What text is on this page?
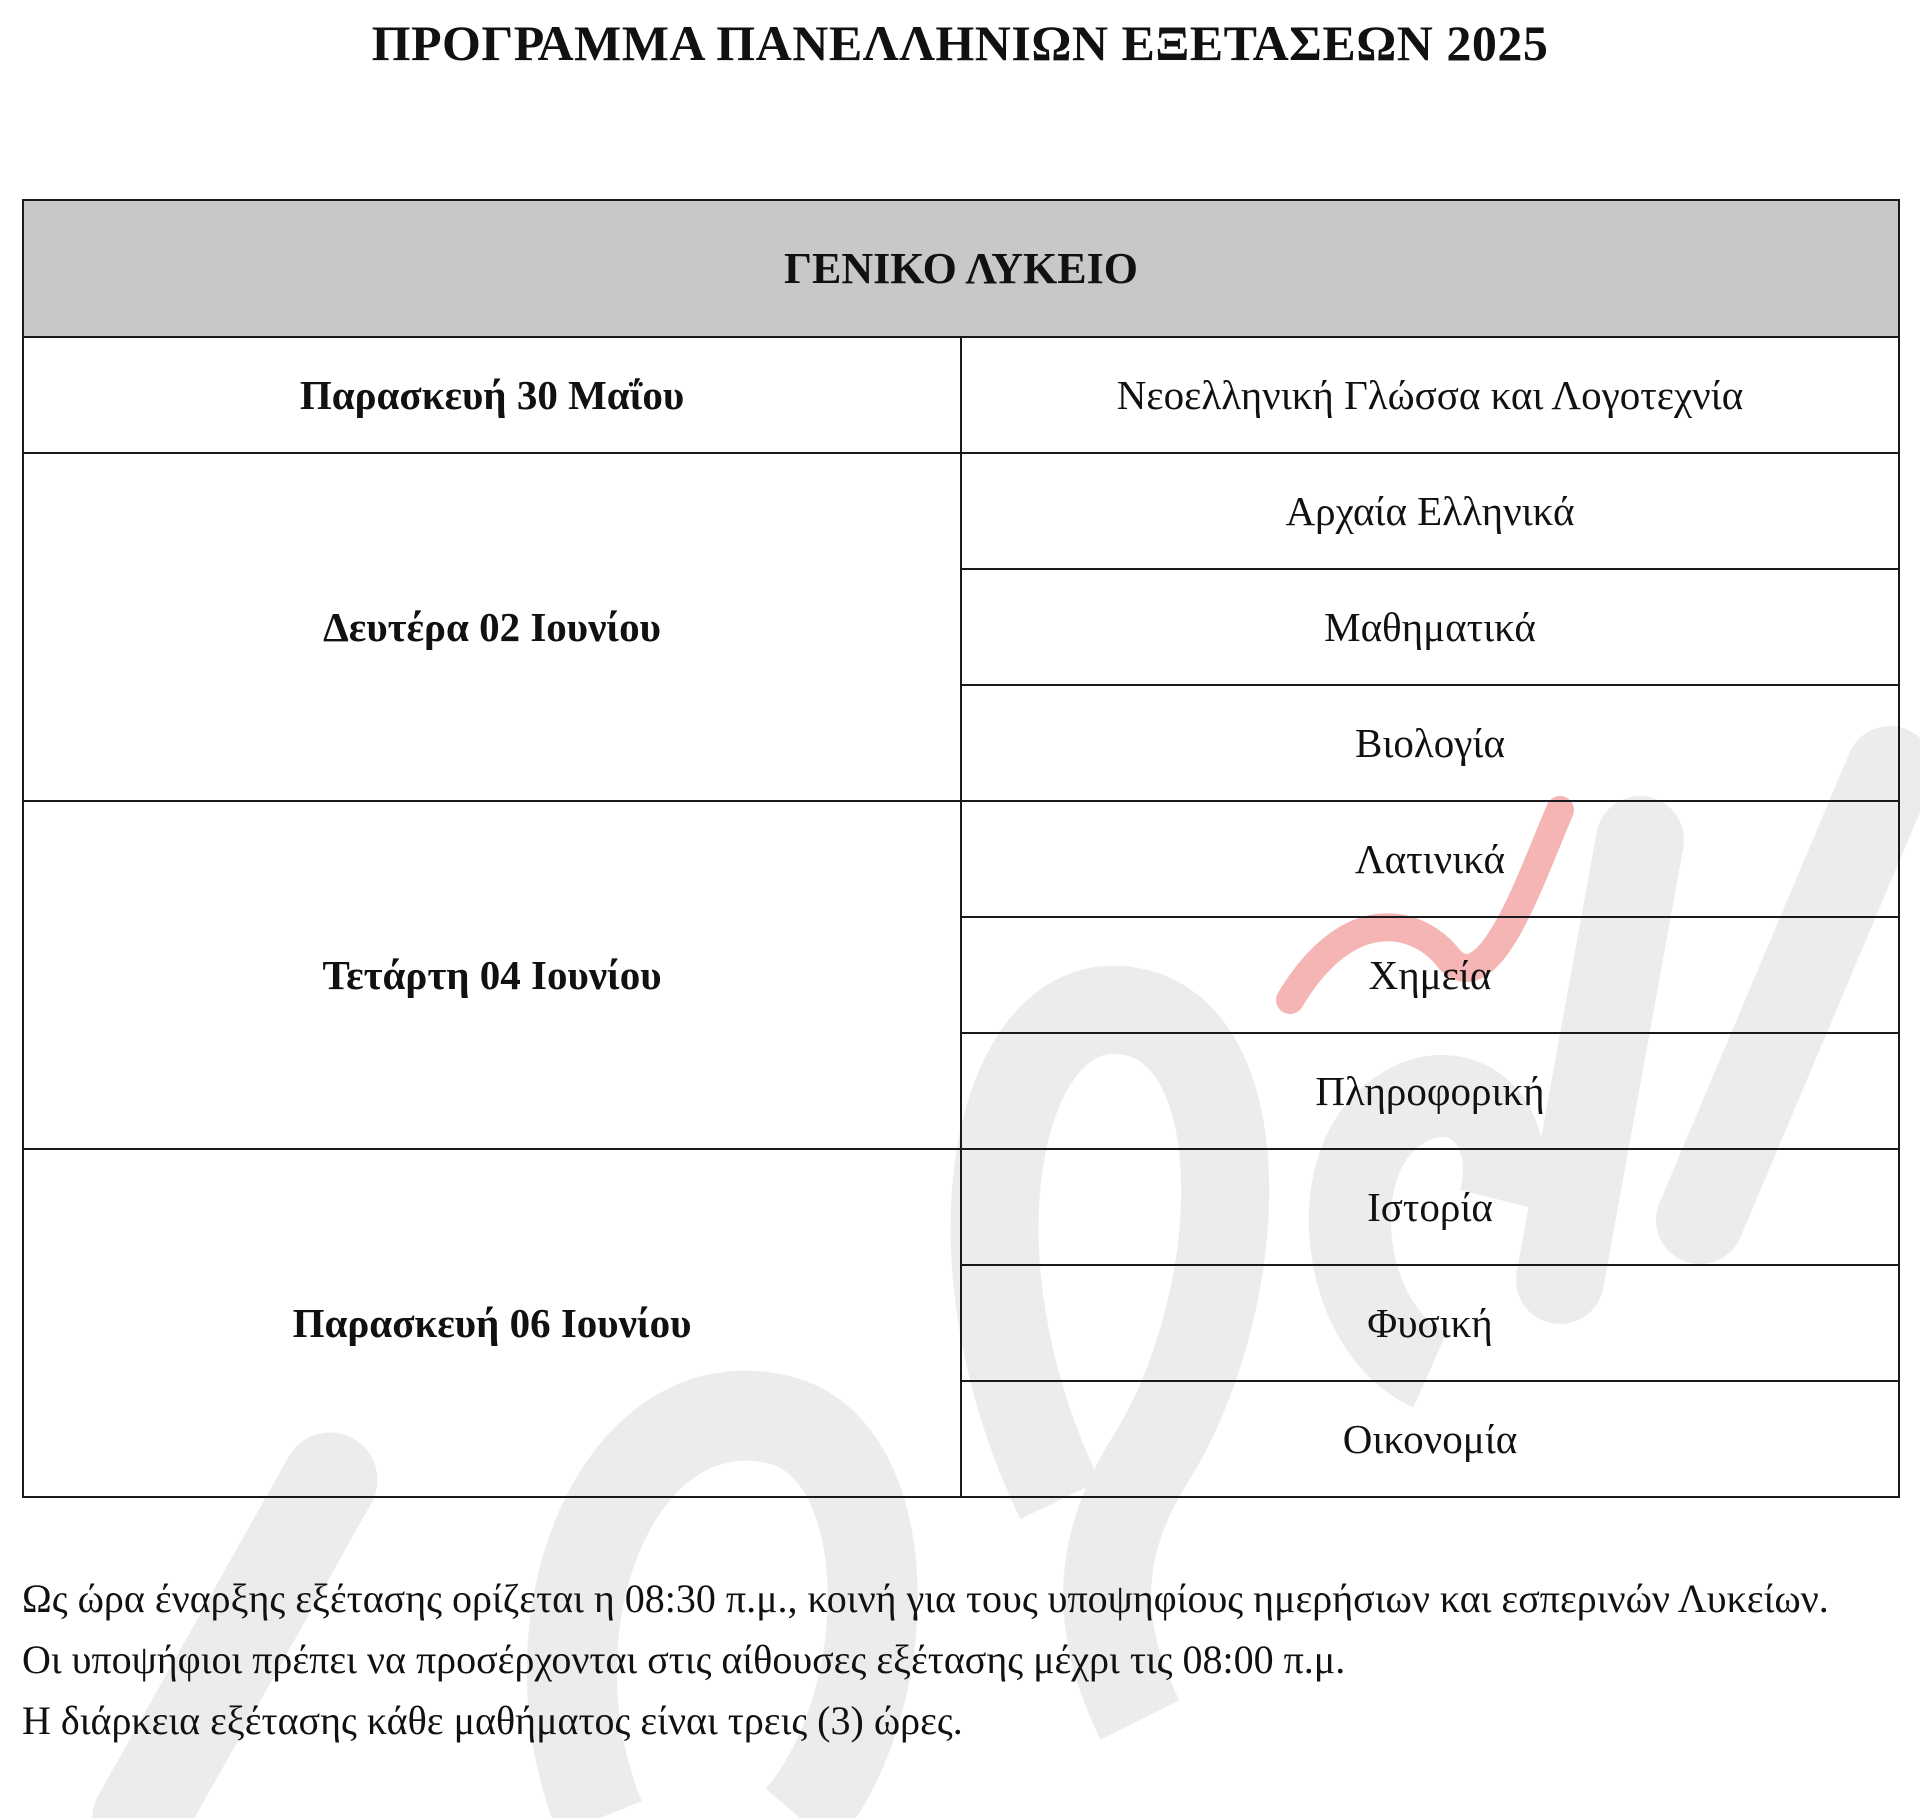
ΠΡΟΓΡΑΜΜΑ ΠΑΝΕΛΛΗΝΙΩΝ ΕΞΕΤΑΣΕΩΝ 2025
ΓΕΝΙΚΟ ΛΥΚΕΙΟ	
Παρασκευή 30 Μαΐου	Νεοελληνική Γλώσσα και Λογοτεχνία
Δευτέρα 02 Ιουνίου	Αρχαία Ελληνικά
	Μαθηματικά
	Βιολογία
Τετάρτη 04 Ιουνίου	Λατινικά
	Χημεία
	Πληροφορική
Παρασκευή 06 Ιουνίου	Ιστορία
	Φυσική
	Οικονομία

Ως ώρα έναρξης εξέτασης ορίζεται η 08:30 π.μ., κοινή για τους υποψηφίους ημερήσιων και εσπερινών Λυκείων.

Οι υποψήφιοι πρέπει να προσέρχονται στις αίθουσες εξέτασης μέχρι τις 08:00 π.μ.

Η διάρκεια εξέτασης κάθε μαθήματος είναι τρεις (3) ώρες.
